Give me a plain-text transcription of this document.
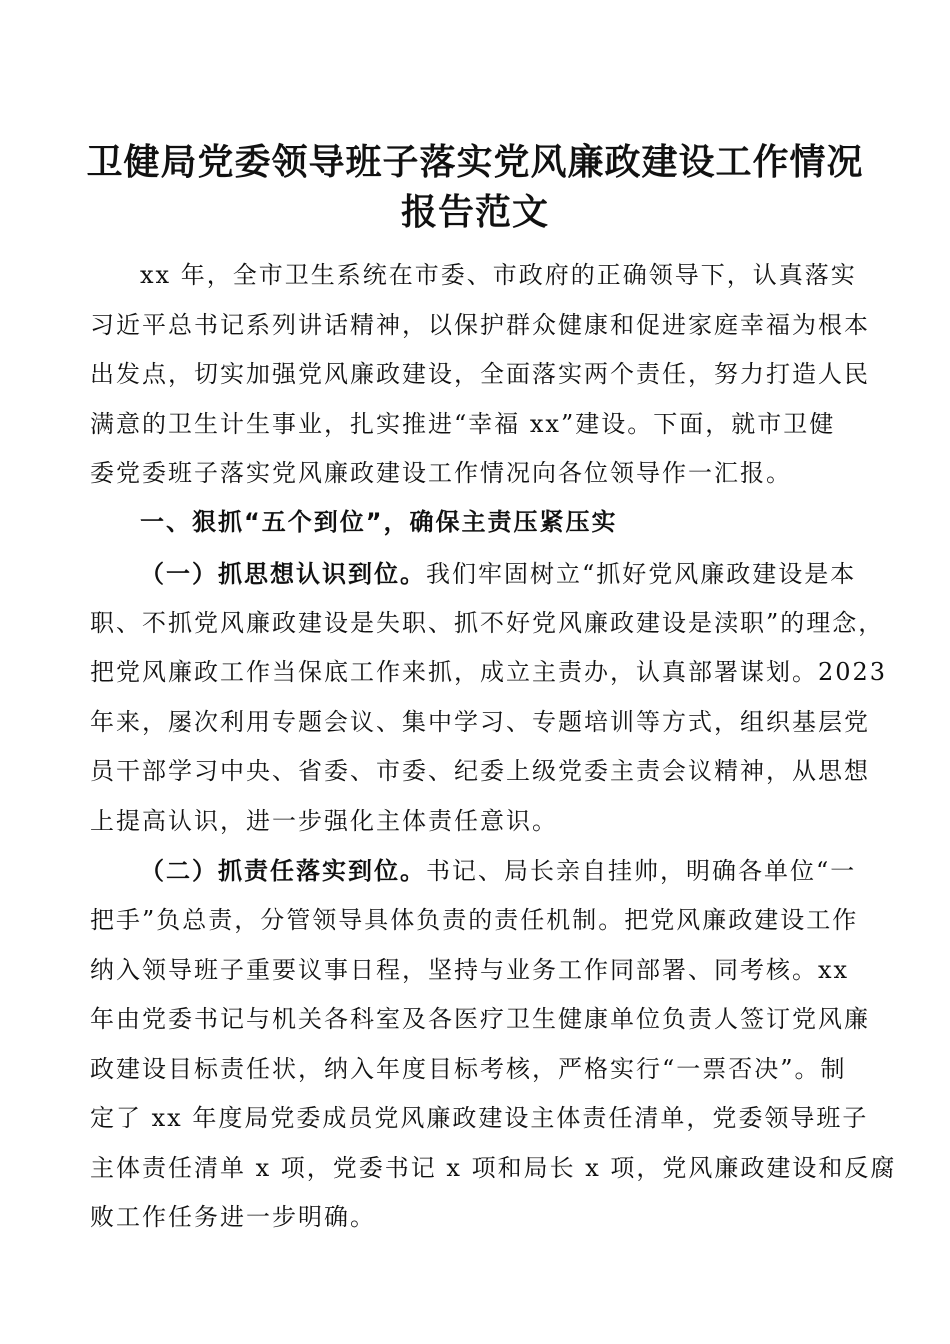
卫健局党委领导班子落实党风廉政建设工作情况
报告范文
xx 年，全市卫生系统在市委、市政府的正确领导下，认真落实
习近平总书记系列讲话精神，以保护群众健康和促进家庭幸福为根本
出发点，切实加强党风廉政建设，全面落实两个责任，努力打造人民
满意的卫生计生事业，扎实推进“幸福 xx”建设。下面，就市卫健
委党委班子落实党风廉政建设工作情况向各位领导作一汇报。
一、狠抓“五个到位”，确保主责压紧压实
（一）抓思想认识到位。我们牢固树立“抓好党风廉政建设是本
职、不抓党风廉政建设是失职、抓不好党风廉政建设是渎职”的理念，
把党风廉政工作当保底工作来抓，成立主责办，认真部署谋划。2023
年来，屡次利用专题会议、集中学习、专题培训等方式，组织基层党
员干部学习中央、省委、市委、纪委上级党委主责会议精神，从思想
上提高认识，进一步强化主体责任意识。
（二）抓责任落实到位。书记、局长亲自挂帅，明确各单位“一
把手”负总责，分管领导具体负责的责任机制。把党风廉政建设工作
纳入领导班子重要议事日程，坚持与业务工作同部署、同考核。xx
年由党委书记与机关各科室及各医疗卫生健康单位负责人签订党风廉
政建设目标责任状，纳入年度目标考核，严格实行“一票否决”。制
定了 xx 年度局党委成员党风廉政建设主体责任清单，党委领导班子
主体责任清单 x 项，党委书记 x 项和局长 x 项，党风廉政建设和反腐
败工作任务进一步明确。
